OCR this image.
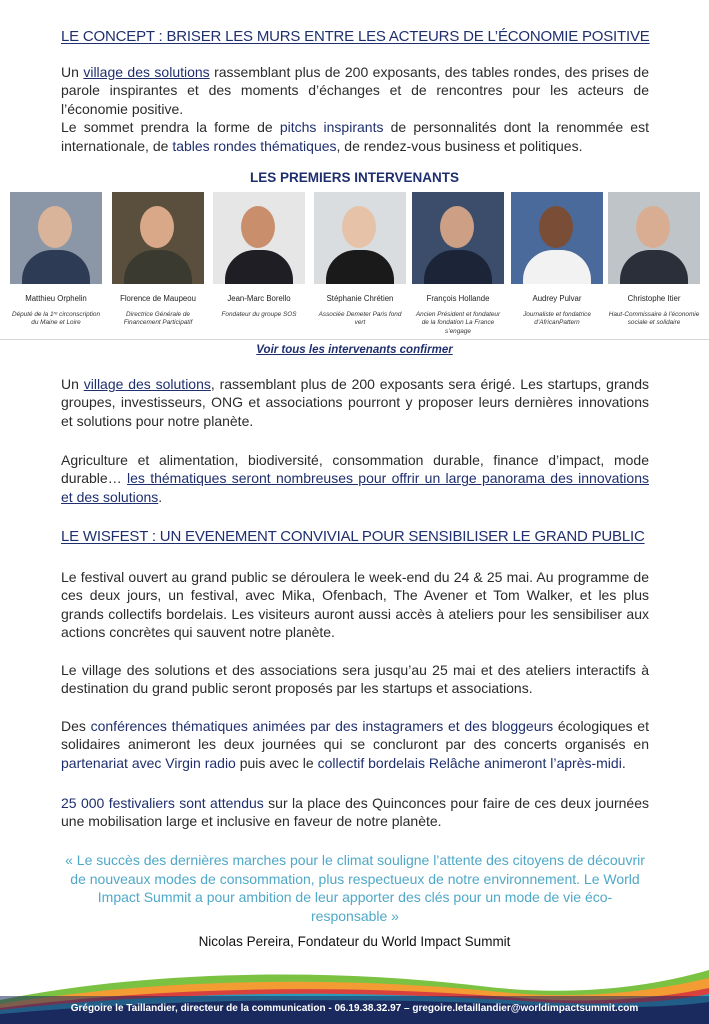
LE CONCEPT : BRISER LES MURS ENTRE LES ACTEURS DE L’ÉCONOMIE POSITIVE
Un village des solutions rassemblant plus de 200 exposants, des tables rondes, des prises de parole inspirantes et des moments d’échanges et de rencontres pour les acteurs de l’économie positive.
Le sommet prendra la forme de pitchs inspirants de personnalités dont la renommée est internationale, de tables rondes thématiques, de rendez-vous business et politiques.
LES PREMIERS INTERVENANTS
Matthieu Orphelin
Député de la 1ʳᵉ circonscription du Maine et Loire
Florence de Maupeou
Directrice Générale de Financement Participatif
Jean-Marc Borello
Fondateur du groupe SOS
Stéphanie Chrétien
Associée Demeter Paris fond vert
François Hollande
Ancien Président et fondateur de la fondation La France s’engage
Audrey Pulvar
Journaliste et fondatrice d’AfricanPattern
Christophe Itier
Haut-Commissaire à l’économie sociale et solidaire
Voir tous les intervenants confirmer
Un village des solutions, rassemblant plus de 200 exposants sera érigé. Les startups, grands groupes, investisseurs, ONG et associations pourront y proposer leurs dernières innovations et solutions pour notre planète.
Agriculture et alimentation, biodiversité, consommation durable, finance d’impact, mode durable… les thématiques seront nombreuses pour offrir un large panorama des innovations et des solutions.
LE WISFEST : UN EVENEMENT CONVIVIAL POUR SENSIBILISER LE GRAND PUBLIC
Le festival ouvert au grand public se déroulera le week-end du 24 & 25 mai. Au programme de ces deux jours, un festival, avec Mika, Ofenbach, The Avener et Tom Walker, et les plus grands collectifs bordelais. Les visiteurs auront aussi accès à ateliers pour les sensibiliser aux actions concrètes qui sauvent notre planète.
Le village des solutions et des associations sera jusqu’au 25 mai et des ateliers interactifs à destination du grand public seront proposés par les startups et associations.
Des conférences thématiques animées par des instagramers et des bloggeurs écologiques et solidaires animeront les deux journées qui se concluront par des concerts organisés en partenariat avec Virgin radio puis avec le collectif bordelais Relâche animeront l’après-midi.
25 000 festivaliers sont attendus sur la place des Quinconces pour faire de ces deux journées une mobilisation large et inclusive en faveur de notre planète.
« Le succès des dernières marches pour le climat souligne l’attente des citoyens de découvrir de nouveaux modes de consommation, plus respectueux de notre environnement. Le World Impact Summit a pour ambition de leur apporter des clés pour un mode de vie éco-responsable »
Nicolas Pereira, Fondateur du World Impact Summit
Grégoire le Taillandier, directeur de la communication - 06.19.38.32.97 – gregoire.letaillandier@worldimpactsummit.com
